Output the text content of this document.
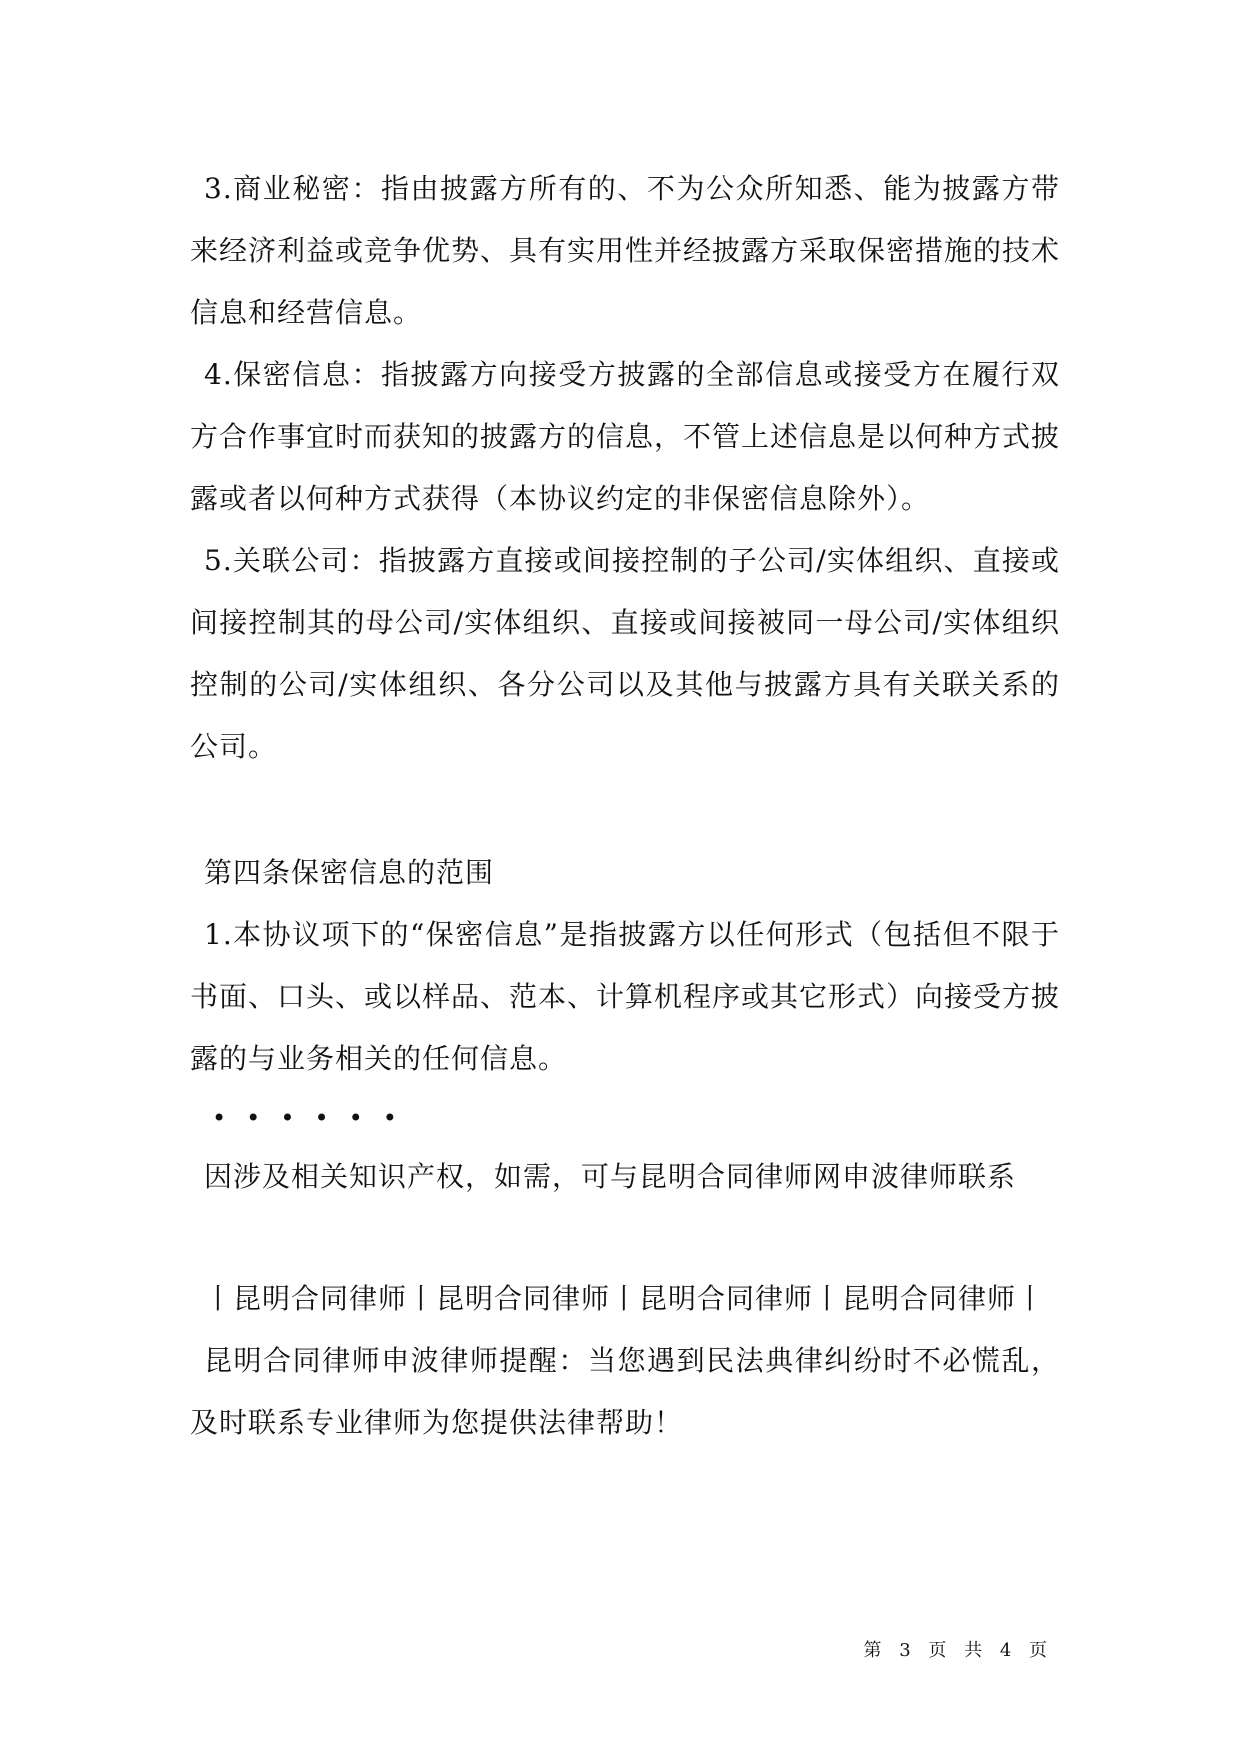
3.商业秘密：指由披露方所有的、不为公众所知悉、能为披露方带来经济利益或竞争优势、具有实用性并经披露方采取保密措施的技术信息和经营信息。

4.保密信息：指披露方向接受方披露的全部信息或接受方在履行双方合作事宜时而获知的披露方的信息，不管上述信息是以何种方式披露或者以何种方式获得（本协议约定的非保密信息除外）。

5.关联公司：指披露方直接或间接控制的子公司/实体组织、直接或间接控制其的母公司/实体组织、直接或间接被同一母公司/实体组织控制的公司/实体组织、各分公司以及其他与披露方具有关联关系的公司。

第四条保密信息的范围

1.本协议项下的“保密信息”是指披露方以任何形式（包括但不限于书面、口头、或以样品、范本、计算机程序或其它形式）向接受方披露的与业务相关的任何信息。

••••••

因涉及相关知识产权，如需，可与昆明合同律师网申波律师联系

丨昆明合同律师丨昆明合同律师丨昆明合同律师丨昆明合同律师丨

昆明合同律师申波律师提醒：当您遇到民法典律纠纷时不必慌乱，及时联系专业律师为您提供法律帮助！

第 3 页 共 4 页
